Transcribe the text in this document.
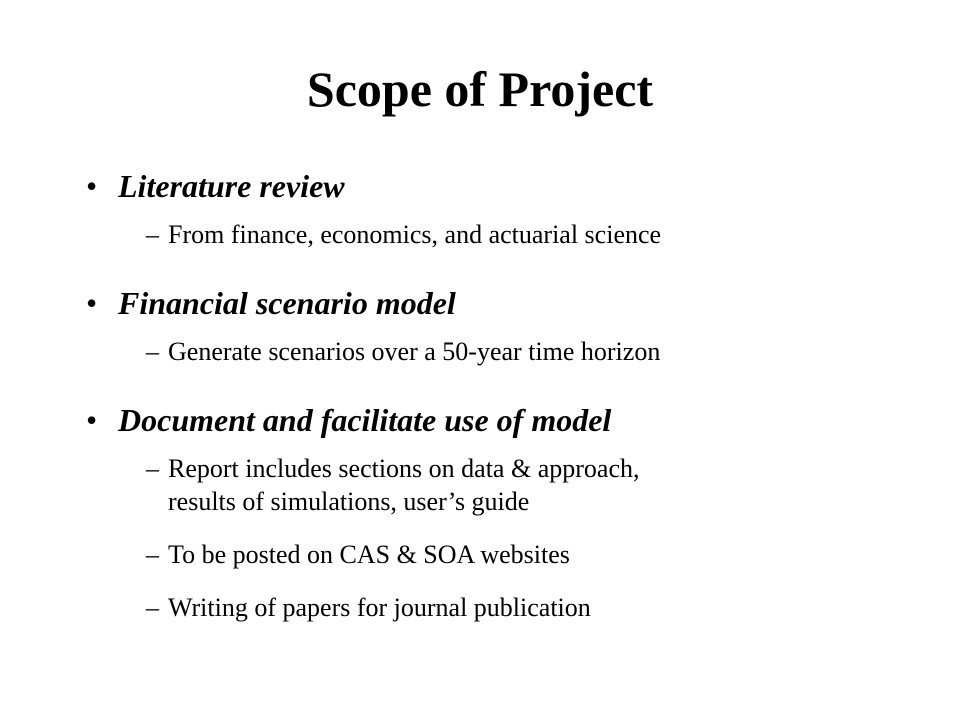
Scope of Project
• Literature review
– From finance, economics, and actuarial science
• Financial scenario model
– Generate scenarios over a 50-year time horizon
• Document and facilitate use of model
– Report includes sections on data & approach,
results of simulations, user’s guide
– To be posted on CAS & SOA websites
– Writing of papers for journal publication
